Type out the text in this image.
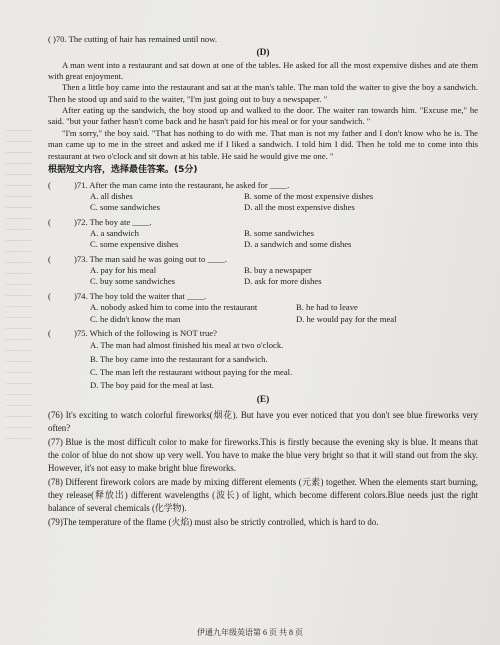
( )70. The cutting of hair has remained until now.
(D)

A man went into a restaurant and sat down at one of the tables. He asked for all the most expensive dishes and ate them with great enjoyment.

Then a little boy came into the restaurant and sat at the man's table. The man told the waiter to give the boy a sandwich. Then he stood up and said to the waiter, "I'm just going out to buy a newspaper. "

After eating up the sandwich, the boy stood up and walked to the door. The waiter ran towards him. "Excuse me," he said. "but your father hasn't come back and he hasn't paid for his meal or for your sandwich. "

"I'm sorry," the boy said. "That has nothing to do with me. That man is not my father and I don't know who he is. The man came up to me in the street and asked me if I liked a sandwich. I told him I did. Then he told me to come into this restaurant at two o'clock and sit down at his table. He said he would give me one. "

根据短文内容，选择最佳答案。(5分)
(	)71. After the man came into the restaurant, he asked for ____.
A. all dishes	B. some of the most expensive dishes
C. some sandwiches	D. all the most expensive dishes
(	)72. The boy ate ____.
A. a sandwich	B. some sandwiches
C. some expensive dishes	D. a sandwich and some dishes
(	)73. The man said he was going out to ____.
A. pay for his meal	B. buy a newspaper
C. buy some sandwiches	D. ask for more dishes
(	)74. The boy told the waiter that ____.
A. nobody asked him to come into the restaurant	B. he had to leave
C. he didn't know the man	D. he would pay for the meal
(	)75. Which of the following is NOT true?
A. The man had almost finished his meal at two o'clock.
B. The boy came into the restaurant for a sandwich.
C. The man left the restaurant without paying for the meal.
D. The boy paid for the meal at last.
(E)

(76) It's exciting to watch colorful fireworks(烟花). But have you ever noticed that you don't see blue fireworks very often?

(77) Blue is the most difficult color to make for fireworks.This is firstly because the evening sky is blue. It means that the color of blue do not show up very well. You have to make the blue very bright so that it will stand out from the sky. However, it's not easy to make bright blue fireworks.

(78) Different firework colors are made by mixing different elements (元素) together. When the elements start burning, they release(释放出) different wavelengths (波长) of light, which become different colors.Blue needs just the right balance of several chemicals (化学物).

(79)The temperature of the flame (火焰) must also be strictly controlled, which is hard to do.

伊通九年级英语第 6 页 共 8 页
